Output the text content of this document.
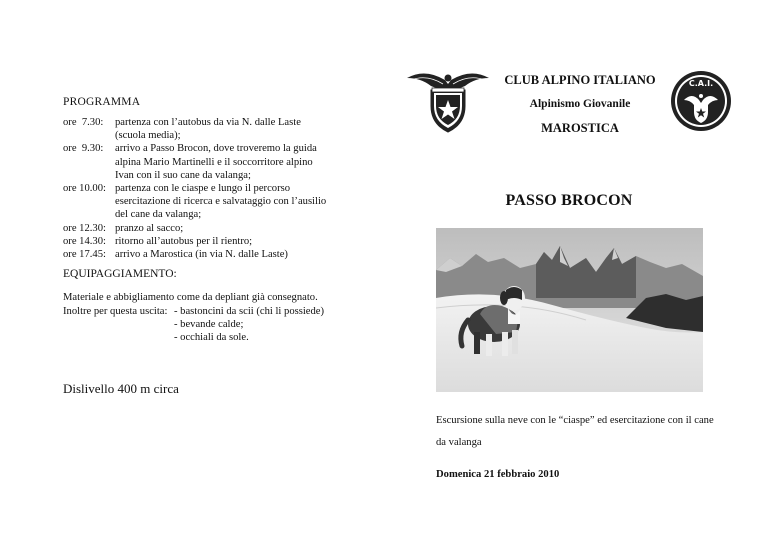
PROGRAMMA
ore  7.30:	partenza con l’autobus da via N. dalle Laste
(scuola media);
ore  9.30:	arrivo a Passo Brocon, dove troveremo la guida
alpina Mario Martinelli e il soccorritore alpino
Ivan con il suo cane da valanga;
ore 10.00: partenza con le ciaspe e lungo il percorso
esercitazione di ricerca e salvataggio con l’ausilio
del cane da valanga;
ore 12.30: pranzo al sacco;
ore 14.30: ritorno all’autobus per il rientro;
ore 17.45: arrivo a Marostica (in via N. dalle Laste)
EQUIPAGGIAMENTO:
Materiale e abbigliamento come da depliant già consegnato.
Inoltre per questa uscita: - bastoncini da scii (chi li possiede)
- bevande calde;
- occhiali da sole.
Dislivello 400 m circa
CLUB ALPINO ITALIANO
Alpinismo Giovanile
MAROSTICA
C.A.I.
PASSO BROCON
Escursione sulla neve con le “ciaspe” ed esercitazione con il cane da valanga
Domenica 21 febbraio 2010
